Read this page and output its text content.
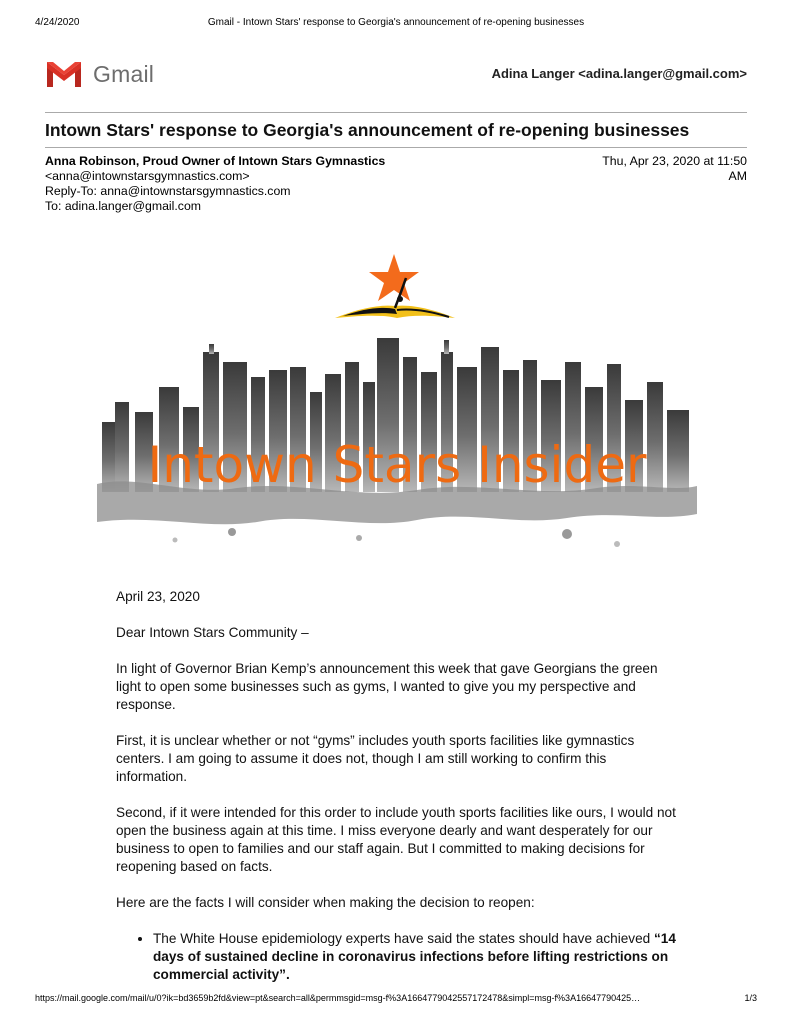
4/24/2020	Gmail - Intown Stars' response to Georgia's announcement of re-opening businesses
Gmail	Adina Langer <adina.langer@gmail.com>
Intown Stars' response to Georgia's announcement of re-opening businesses
Anna Robinson, Proud Owner of Intown Stars Gymnastics
<anna@intownstarsgymnastics.com>
Reply-To: anna@intownstarsgymnastics.com
To: adina.langer@gmail.com
Thu, Apr 23, 2020 at 11:50
AM
Intown Stars Insider

April 23, 2020

Dear Intown Stars Community –

In light of Governor Brian Kemp’s announcement this week that gave Georgians the green light to open some businesses such as gyms, I wanted to give you my perspective and response.

First, it is unclear whether or not “gyms” includes youth sports facilities like gymnastics centers. I am going to assume it does not, though I am still working to confirm this information.

Second, if it were intended for this order to include youth sports facilities like ours, I would not open the business again at this time. I miss everyone dearly and want desperately for our business to open to families and our staff again. But I committed to making decisions for reopening based on facts.

Here are the facts I will consider when making the decision to reopen:

• The White House epidemiology experts have said the states should have achieved “14 days of sustained decline in coronavirus infections before lifting restrictions on commercial activity”.
https://mail.google.com/mail/u/0?ik=bd3659b2fd&view=pt&search=all&permmsgid=msg-f%3A1664779042557172478&simpl=msg-f%3A16647790425…	1/3
